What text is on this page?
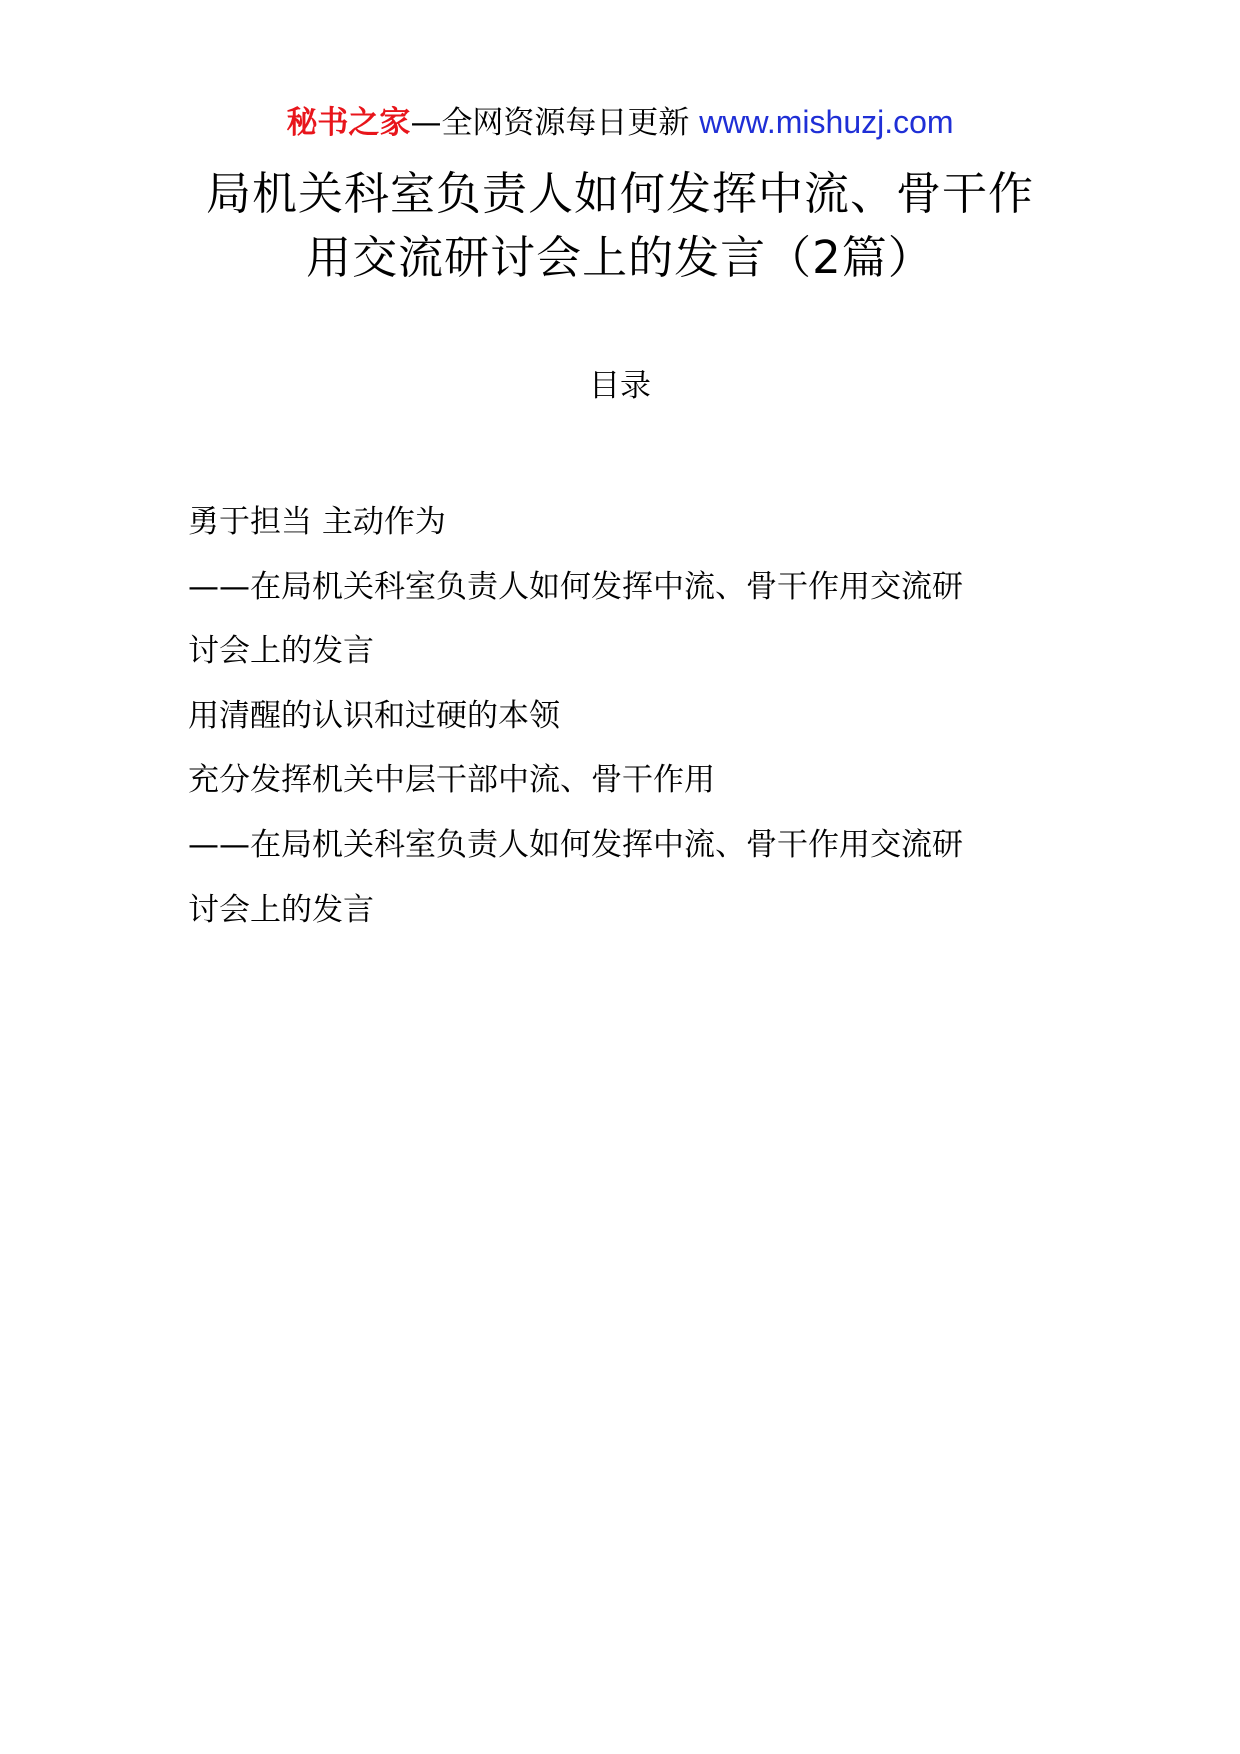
秘书之家—全网资源每日更新 www.mishuzj.com
局机关科室负责人如何发挥中流、骨干作
用交流研讨会上的发言（2篇）
目录
勇于担当 主动作为
——在局机关科室负责人如何发挥中流、骨干作用交流研
讨会上的发言
用清醒的认识和过硬的本领
充分发挥机关中层干部中流、骨干作用
——在局机关科室负责人如何发挥中流、骨干作用交流研
讨会上的发言
